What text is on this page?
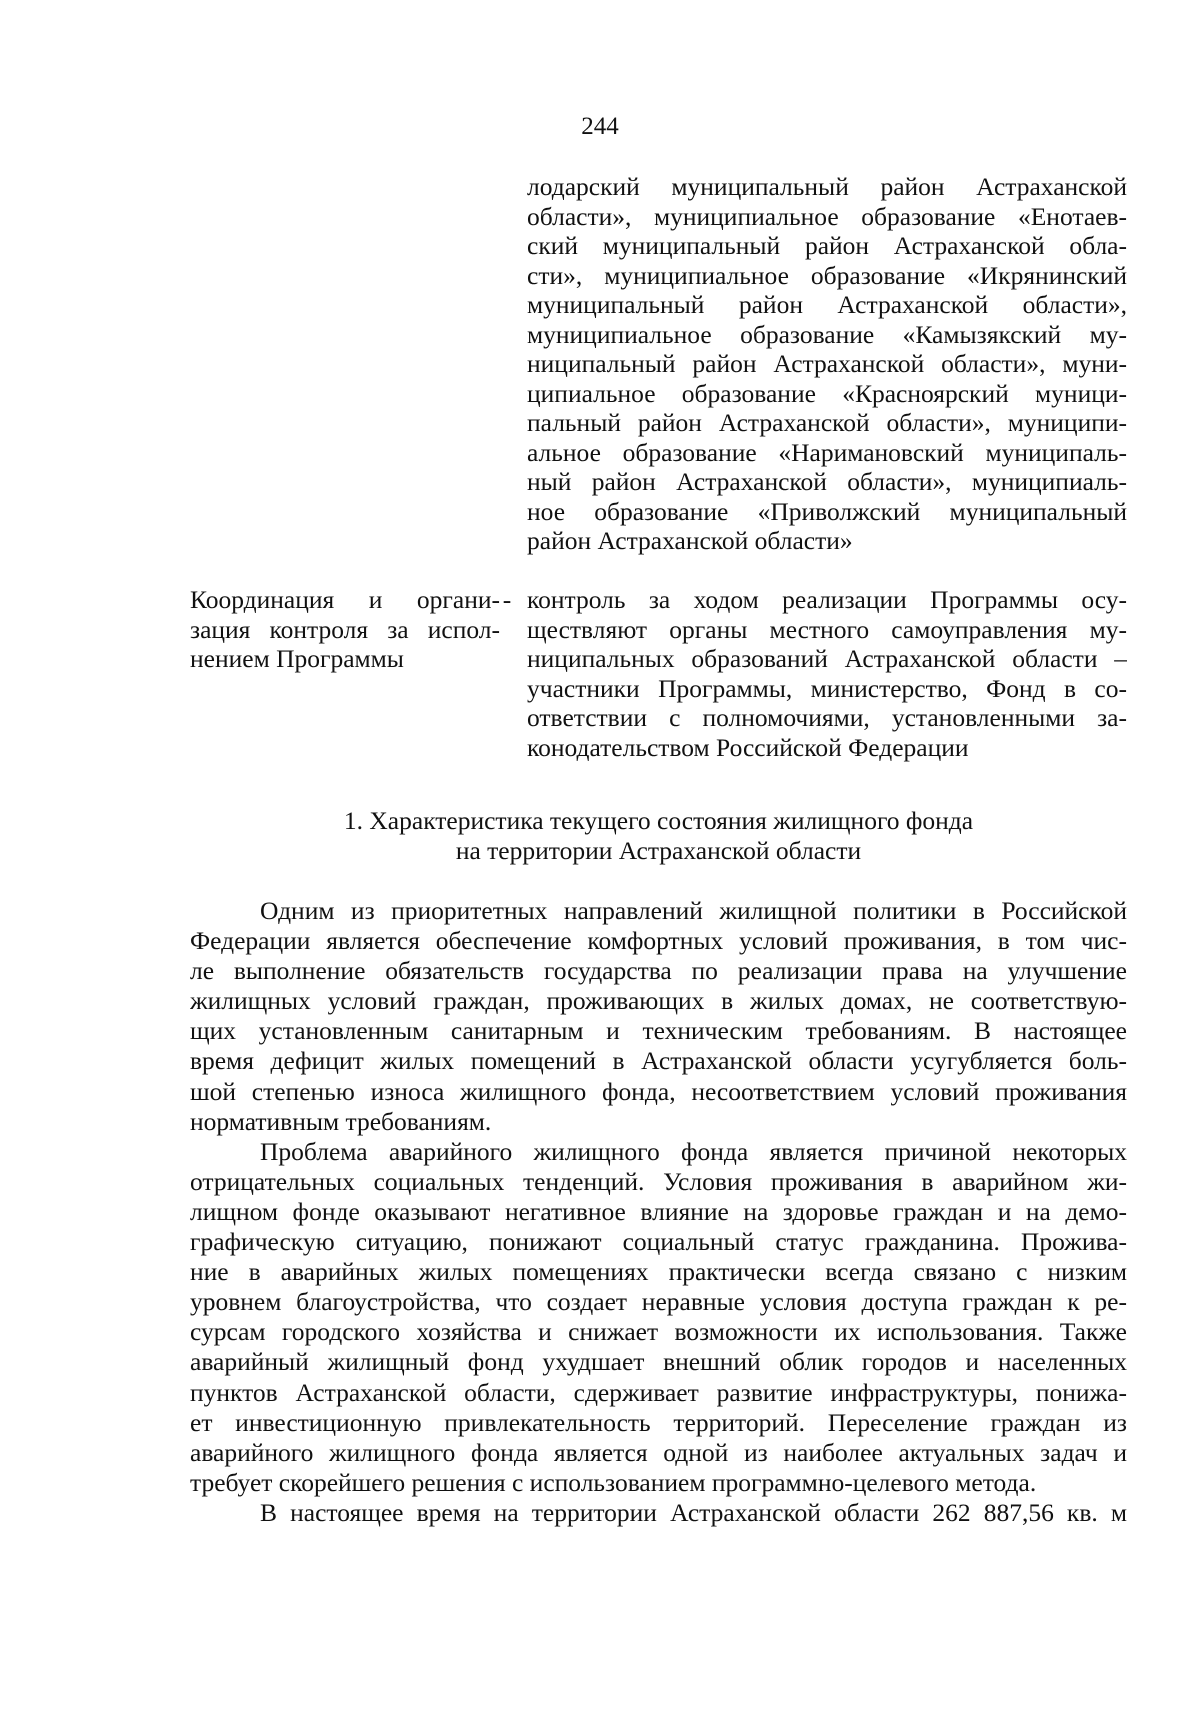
244
лодарский муниципальный район Астраханской
области», муниципиальное образование «Енотаев-
ский муниципальный район Астраханской обла-
сти», муниципиальное образование «Икрянинский
муниципальный район Астраханской области»,
муниципиальное образование «Камызякский му-
ниципальный район Астраханской области», муни-
ципиальное образование «Красноярский муници-
пальный район Астраханской области», муниципи-
альное образование «Наримановский муниципаль-
ный район Астраханской области», муниципиаль-
ное образование «Приволжский муниципальный
район Астраханской области»
Координация и органи-
зация контроля за испол-
нением Программы
- контроль за ходом реализации Программы осу-
ществляют органы местного самоуправления му-
ниципальных образований Астраханской области –
участники Программы, министерство, Фонд в со-
ответствии с полномочиями, установленными за-
конодательством Российской Федерации
1. Характеристика текущего состояния жилищного фонда
на территории Астраханской области
Одним из приоритетных направлений жилищной политики в Российской
Федерации является обеспечение комфортных условий проживания, в том чис-
ле выполнение обязательств государства по реализации права на улучшение
жилищных условий граждан, проживающих в жилых домах, не соответствую-
щих установленным санитарным и техническим требованиям. В настоящее
время дефицит жилых помещений в Астраханской области усугубляется боль-
шой степенью износа жилищного фонда, несоответствием условий проживания
нормативным требованиям.
Проблема аварийного жилищного фонда является причиной некоторых
отрицательных социальных тенденций. Условия проживания в аварийном жи-
лищном фонде оказывают негативное влияние на здоровье граждан и на демо-
графическую ситуацию, понижают социальный статус гражданина. Прожива-
ние в аварийных жилых помещениях практически всегда связано с низким
уровнем благоустройства, что создает неравные условия доступа граждан к ре-
сурсам городского хозяйства и снижает возможности их использования. Также
аварийный жилищный фонд ухудшает внешний облик городов и населенных
пунктов Астраханской области, сдерживает развитие инфраструктуры, понижа-
ет инвестиционную привлекательность территорий. Переселение граждан из
аварийного жилищного фонда является одной из наиболее актуальных задач и
требует скорейшего решения с использованием программно-целевого метода.
В настоящее время на территории Астраханской области 262 887,56 кв. м
